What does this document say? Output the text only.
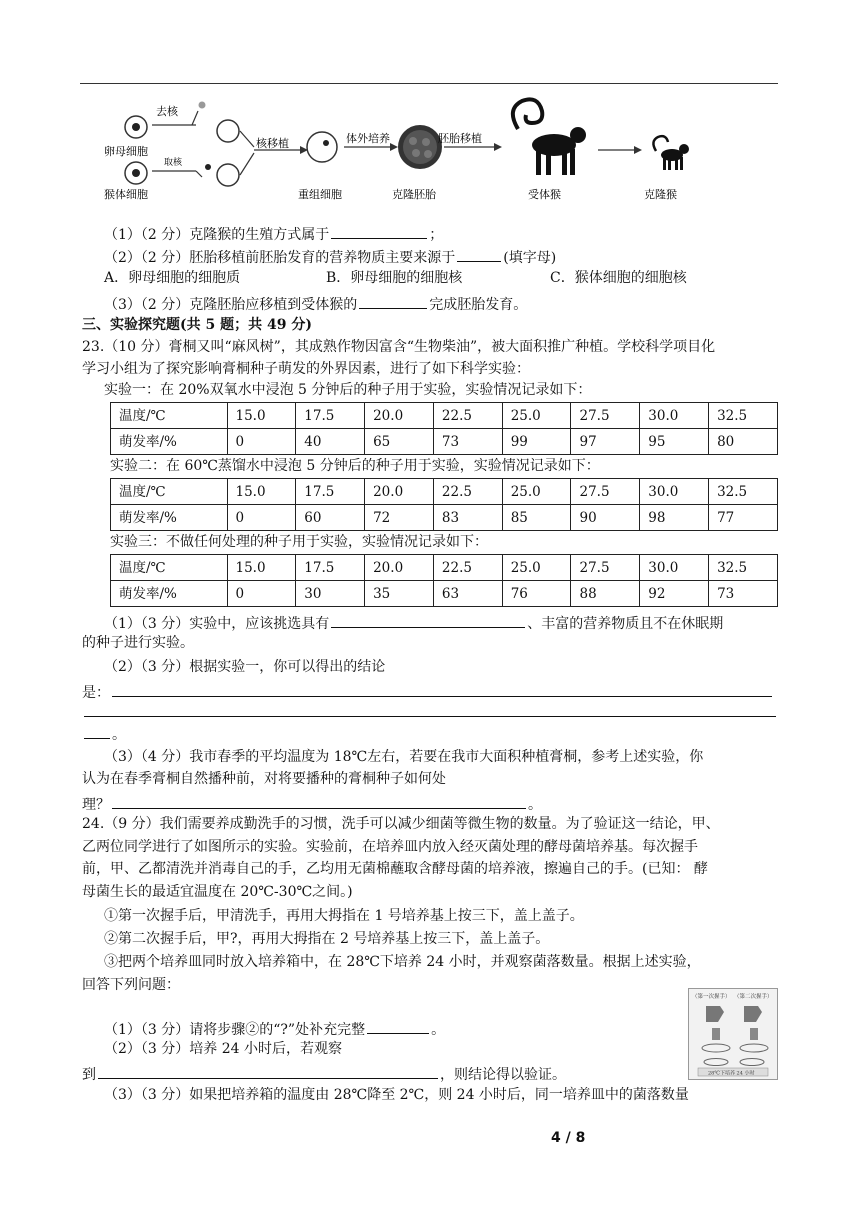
去核
卵母细胞
取核
猴体细胞
核移植
重组细胞
体外培养
克隆胚胎
胚胎移植
受体猴	克隆猴
（1）（2 分）克隆猴的生殖方式属于	；
（2）（2 分）胚胎移植前胚胎发育的营养物质主要来源于	(填字母)
A．卵母细胞的细胞质	B．卵母细胞的细胞核	C．猴体细胞的细胞核
（3）（2 分）克隆胚胎应移植到受体猴的	完成胚胎发育。
三、实验探究题(共 5 题；共 49 分)
23.（10 分）膏桐又叫“麻风树”，其成熟作物因富含“生物柴油”，被大面积推广种植。学校科学项目化
学习小组为了探究影响膏桐种子萌发的外界因素，进行了如下科学实验：
实验一：在 20%双氧水中浸泡 5 分钟后的种子用于实验，实验情况记录如下：
温度/℃	15.0	17.5	20.0	22.5	25.0	27.5	30.0	32.5
萌发率/%	0	40	65	73	99	97	95	80
实验二：在 60℃蒸馏水中浸泡 5 分钟后的种子用于实验，实验情况记录如下：
温度/℃	15.0	17.5	20.0	22.5	25.0	27.5	30.0	32.5
萌发率/%	0	60	72	83	85	90	98	77
实验三：不做任何处理的种子用于实验，实验情况记录如下：
温度/℃	15.0	17.5	20.0	22.5	25.0	27.5	30.0	32.5
萌发率/%	0	30	35	63	76	88	92	73
（1）（3 分）实验中，应该挑选具有	、丰富的营养物质且不在休眠期
的种子进行实验。
（2）（3 分）根据实验一，你可以得出的结论
是：
。
（3）（4 分）我市春季的平均温度为 18℃左右，若要在我市大面积种植膏桐，参考上述实验，你
认为在春季膏桐自然播种前，对将要播种的膏桐种子如何处
理？	。
24.（9 分）我们需要养成勤洗手的习惯，洗手可以减少细菌等微生物的数量。为了验证这一结论，甲、
乙两位同学进行了如图所示的实验。实验前，在培养皿内放入经灭菌处理的酵母菌培养基。每次握手
前，甲、乙都清洗并消毒自己的手，乙均用无菌棉蘸取含酵母菌的培养液，擦遍自己的手。(已知： 酵
母菌生长的最适宜温度在 20℃-30℃之间。)
①第一次握手后，甲清洗手，再用大拇指在 1 号培养基上按三下，盖上盖子。
②第二次握手后，甲?，再用大拇指在 2 号培养基上按三下，盖上盖子。
③把两个培养皿同时放入培养箱中，在 28℃下培养 24 小时，并观察菌落数量。根据上述实验，
回答下列问题：
（1）（3 分）请将步骤②的“?”处补充完整	。
（2）（3 分）培养 24 小时后，若观察
到	，则结论得以验证。
（3）（3 分）如果把培养箱的温度由 28℃降至 2℃，则 24 小时后，同一培养皿中的菌落数量
（第一次握手） （第二次握手）
28℃下培养 24 小时
4 / 8
